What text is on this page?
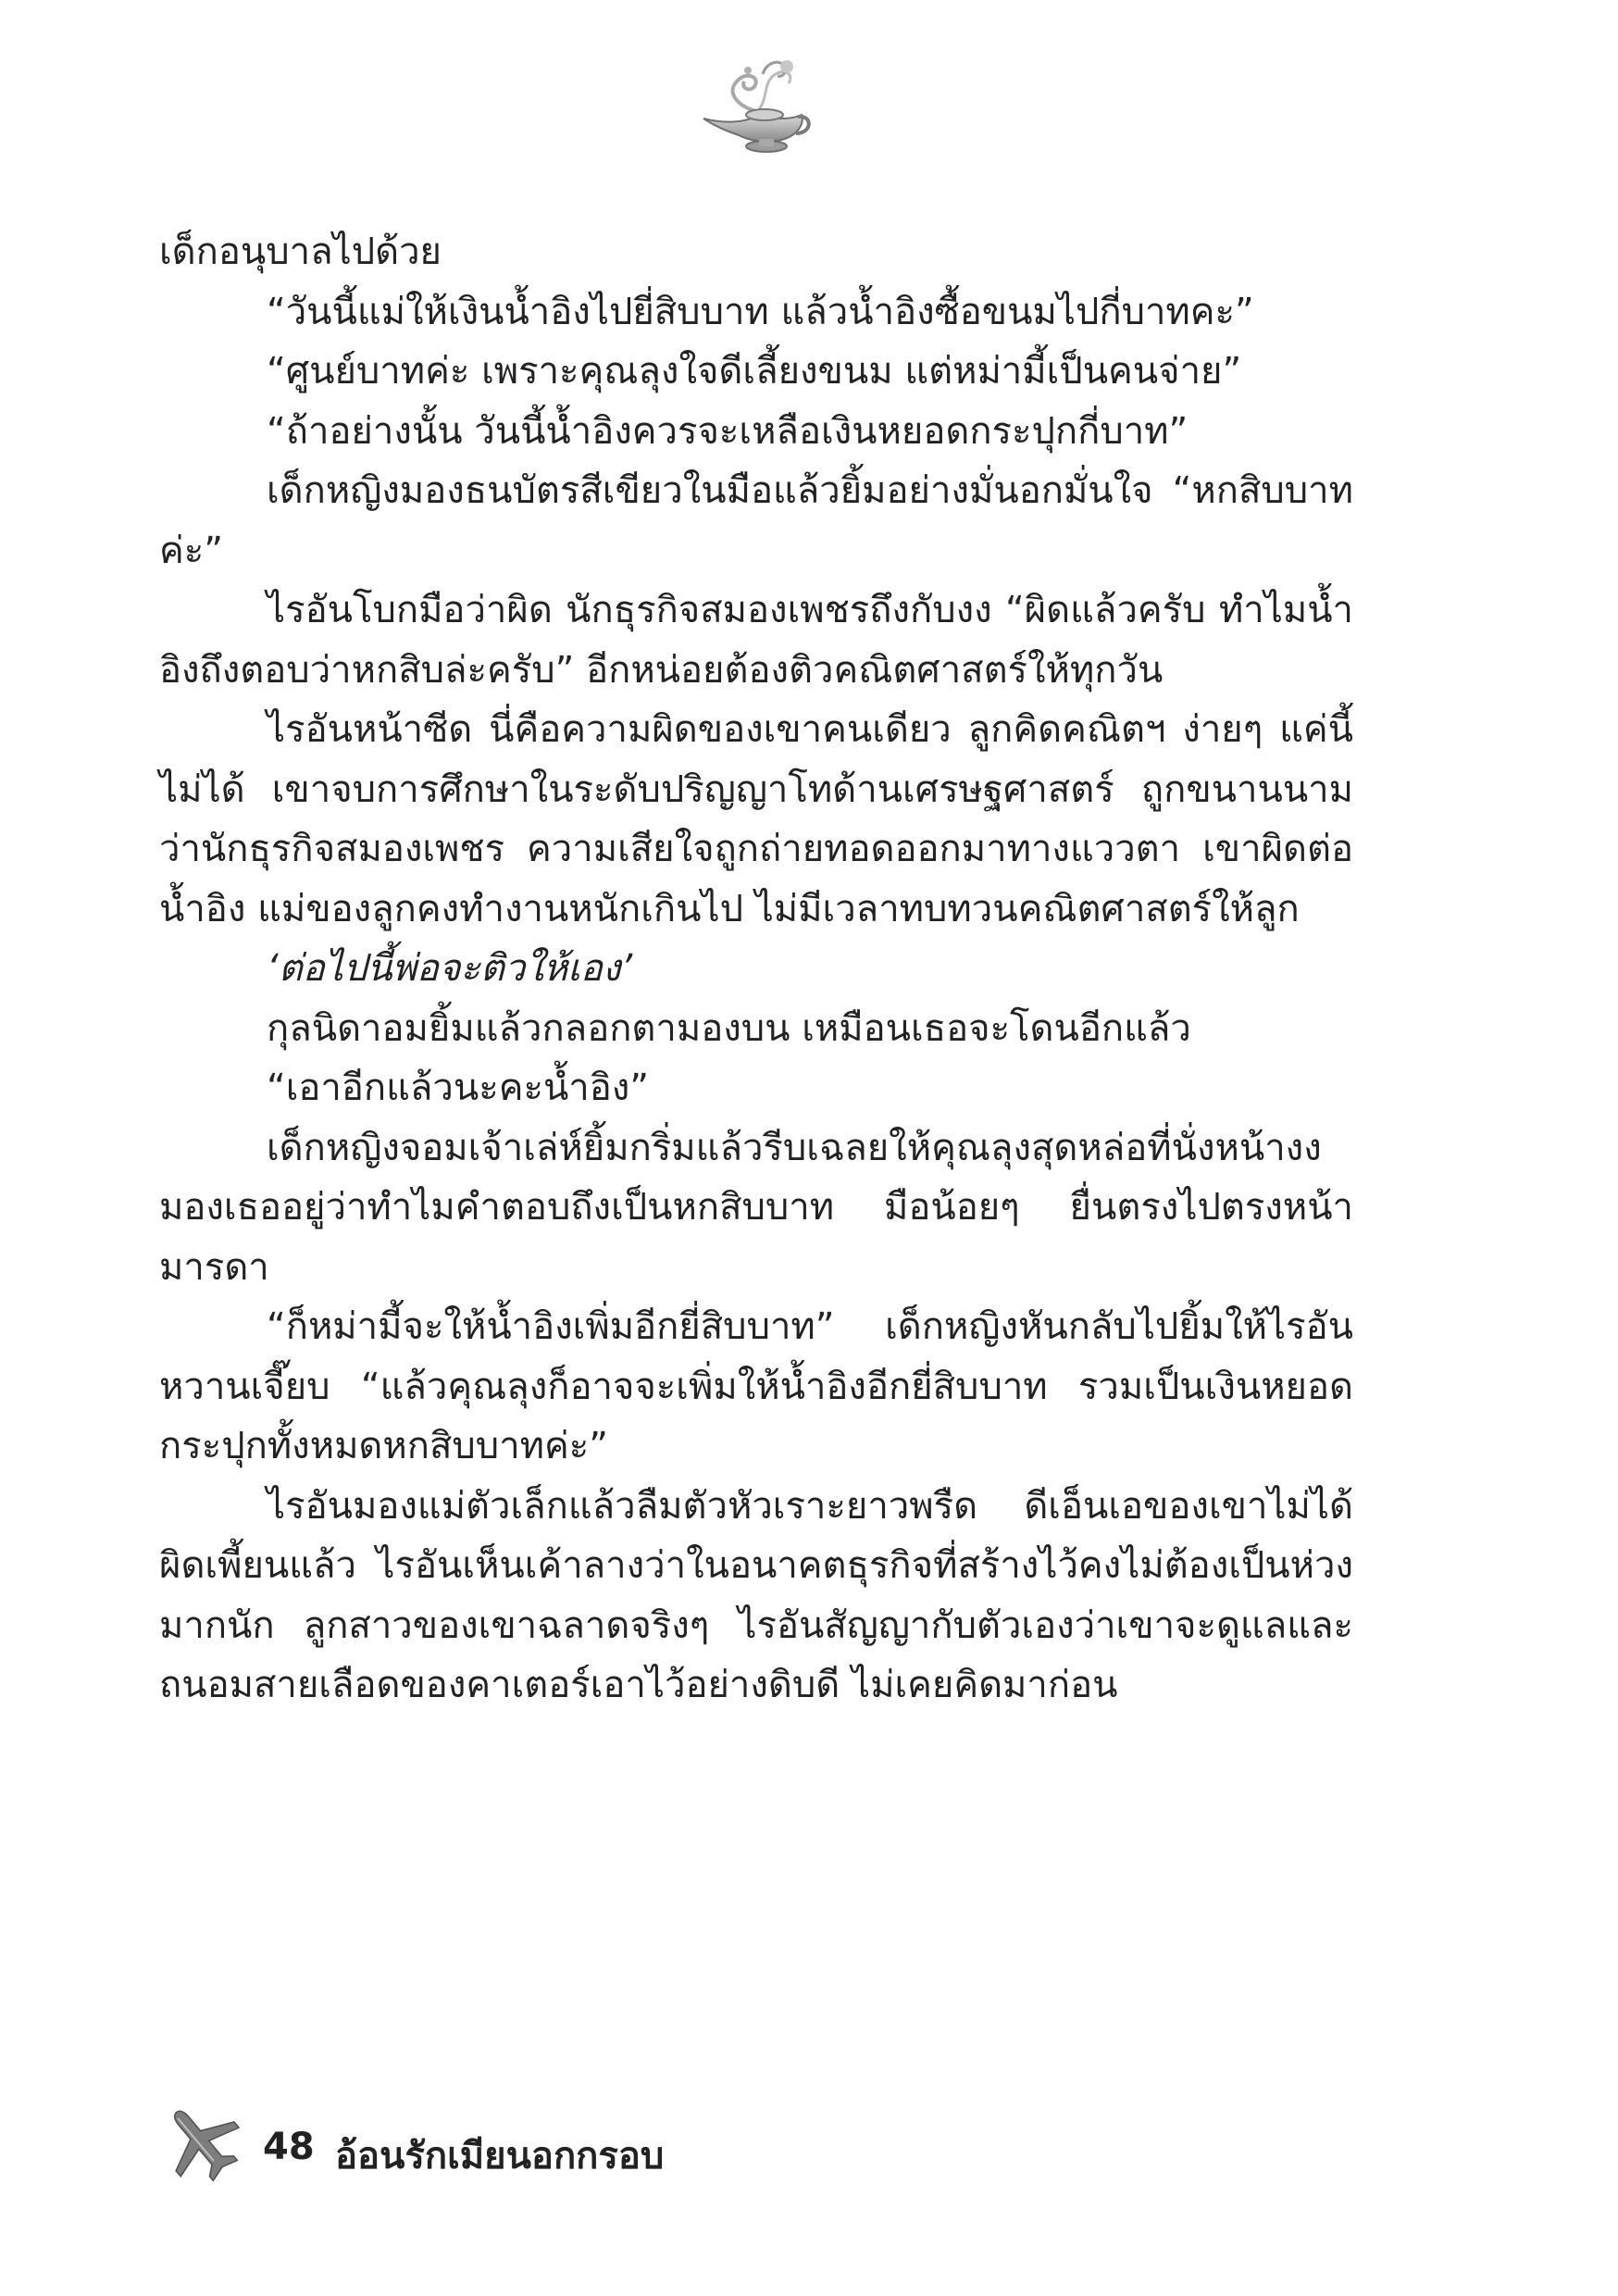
เด็กอนุบาลไปด้วย

“วันนี้แม่ให้เงินน้ำอิงไปยี่สิบบาท แล้วน้ำอิงซื้อขนมไปกี่บาทคะ”

“ศูนย์บาทค่ะ เพราะคุณลุงใจดีเลี้ยงขนม แต่หม่ามี้เป็นคนจ่าย”

“ถ้าอย่างนั้น วันนี้น้ำอิงควรจะเหลือเงินหยอดกระปุกกี่บาท”

เด็กหญิงมองธนบัตรสีเขียวในมือแล้วยิ้มอย่างมั่นอกมั่นใจ “หกสิบบาทค่ะ”

ไรอันโบกมือว่าผิด นักธุรกิจสมองเพชรถึงกับงง “ผิดแล้วครับ ทำไมน้ำอิงถึงตอบว่าหกสิบล่ะครับ” อีกหน่อยต้องติวคณิตศาสตร์ให้ทุกวัน

ไรอันหน้าซีด นี่คือความผิดของเขาคนเดียว ลูกคิดคณิตฯ ง่ายๆ แค่นี้ไม่ได้ เขาจบการศึกษาในระดับปริญญาโทด้านเศรษฐศาสตร์ ถูกขนานนามว่านักธุรกิจสมองเพชร ความเสียใจถูกถ่ายทอดออกมาทางแววตา เขาผิดต่อน้ำอิง แม่ของลูกคงทำงานหนักเกินไป ไม่มีเวลาทบทวนคณิตศาสตร์ให้ลูก

‘ต่อไปนี้พ่อจะติวให้เอง’

กุลนิดาอมยิ้มแล้วกลอกตามองบน เหมือนเธอจะโดนอีกแล้ว

“เอาอีกแล้วนะคะน้ำอิง”

เด็กหญิงจอมเจ้าเล่ห์ยิ้มกริ่มแล้วรีบเฉลยให้คุณลุงสุดหล่อที่นั่งหน้างงมองเธออยู่ว่าทำไมคำตอบถึงเป็นหกสิบบาท มือน้อยๆ ยื่นตรงไปตรงหน้ามารดา

“ก็หม่ามี้จะให้น้ำอิงเพิ่มอีกยี่สิบบาท” เด็กหญิงหันกลับไปยิ้มให้ไรอันหวานเจี๊ยบ “แล้วคุณลุงก็อาจจะเพิ่มให้น้ำอิงอีกยี่สิบบาท รวมเป็นเงินหยอดกระปุกทั้งหมดหกสิบบาทค่ะ”

ไรอันมองแม่ตัวเล็กแล้วลืมตัวหัวเราะยาวพรืด ดีเอ็นเอของเขาไม่ได้ผิดเพี้ยนแล้ว ไรอันเห็นเค้าลางว่าในอนาคตธุรกิจที่สร้างไว้คงไม่ต้องเป็นห่วงมากนัก ลูกสาวของเขาฉลาดจริงๆ ไรอันสัญญากับตัวเองว่าเขาจะดูแลและถนอมสายเลือดของคาเตอร์เอาไว้อย่างดิบดี ไม่เคยคิดมาก่อน

48 อ้อนรักเมียนอกกรอบ
